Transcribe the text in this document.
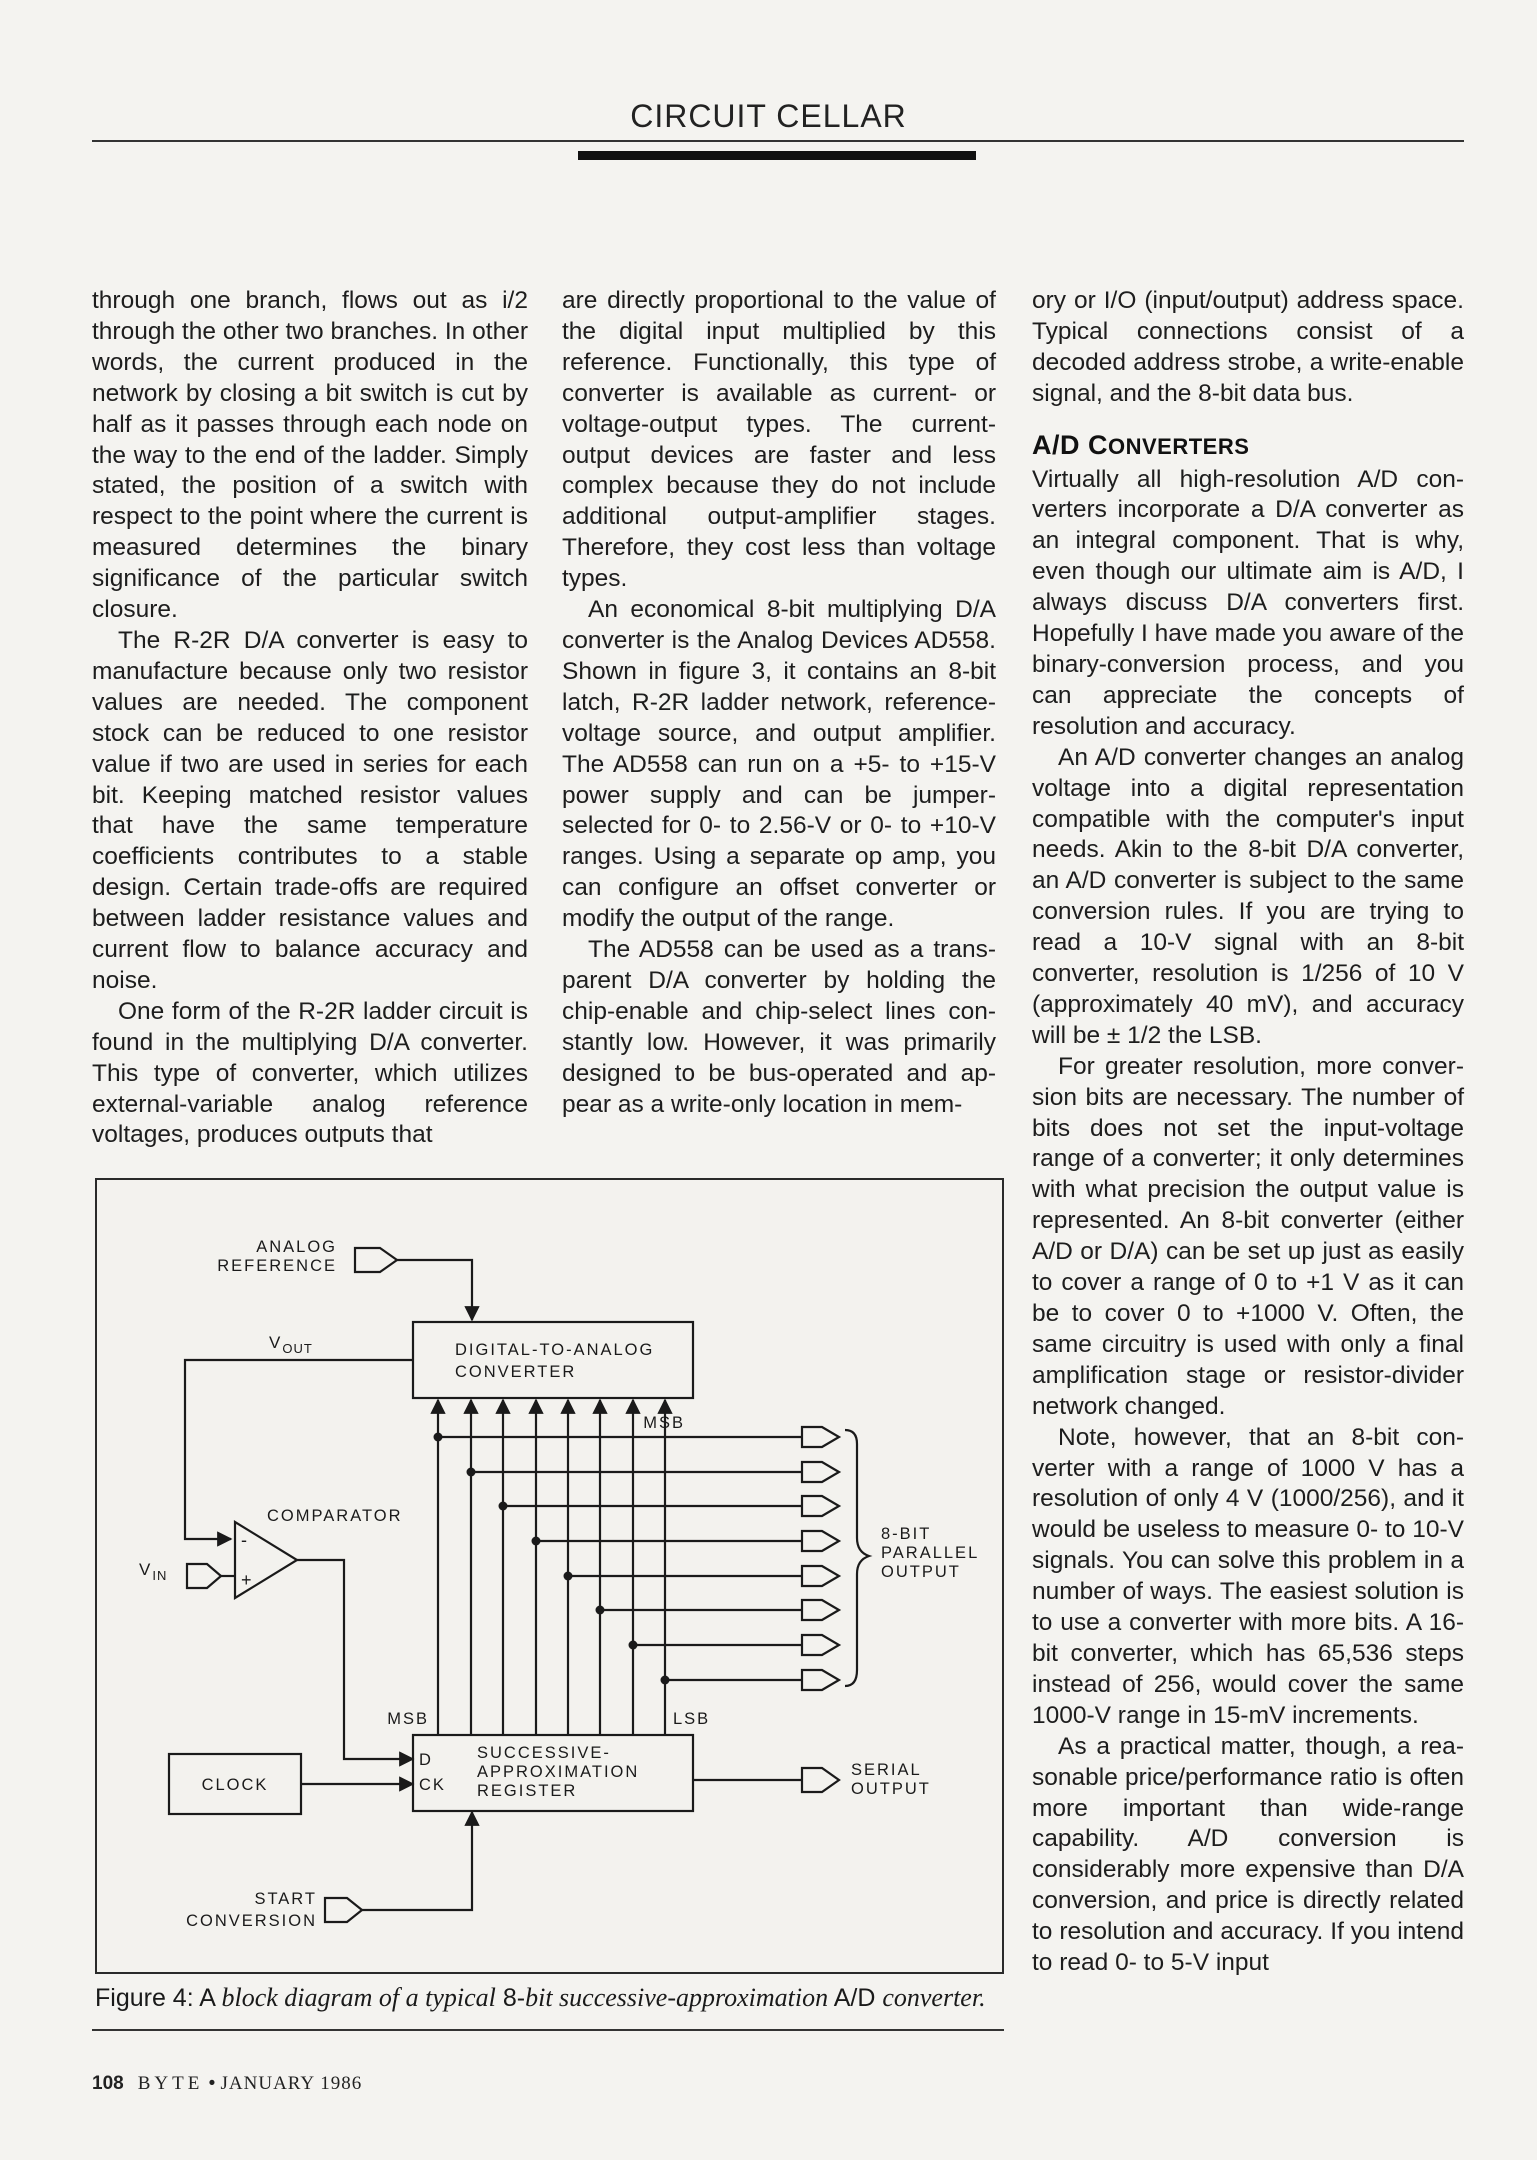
CIRCUIT CELLAR

through one branch, flows out as i/2 through the other two branches. In other words, the current produced in the network by closing a bit switch is cut by half as it passes through each node on the way to the end of the ladder. Simply stated, the position of a switch with respect to the point where the current is measured determines the binary significance of the particular switch closure.

The R-2R D/A converter is easy to manufacture because only two resistor values are needed. The component stock can be reduced to one resistor value if two are used in series for each bit. Keeping matched resistor values that have the same temperature coefficients contributes to a stable design. Certain trade-offs are required between ladder resistance values and current flow to balance accuracy and noise.

One form of the R-2R ladder circuit is found in the multiplying D/A converter. This type of converter, which utilizes external-variable analog reference voltages, produces outputs that

are directly proportional to the value of the digital input multiplied by this reference. Functionally, this type of converter is available as current- or voltage-output types. The current-output devices are faster and less complex because they do not include additional output-amplifier stages. Therefore, they cost less than voltage types.

An economical 8-bit multiplying D/A converter is the Analog Devices AD558. Shown in figure 3, it contains an 8-bit latch, R-2R ladder network, reference-voltage source, and output amplifier. The AD558 can run on a +5- to +15-V power supply and can be jumper-selected for 0- to 2.56-V or 0- to +10-V ranges. Using a separate op amp, you can configure an offset converter or modify the output of the range.

The AD558 can be used as a transparent D/A converter by holding the chip-enable and chip-select lines constantly low. However, it was primarily designed to be bus-operated and appear as a write-only location in mem-

ory or I/O (input/output) address space. Typical connections consist of a decoded address strobe, a write-enable signal, and the 8-bit data bus.

A/D CONVERTERS

Virtually all high-resolution A/D converters incorporate a D/A converter as an integral component. That is why, even though our ultimate aim is A/D, I always discuss D/A converters first. Hopefully I have made you aware of the binary-conversion process, and you can appreciate the concepts of resolution and accuracy.

An A/D converter changes an analog voltage into a digital representation compatible with the computer's input needs. Akin to the 8-bit D/A converter, an A/D converter is subject to the same conversion rules. If you are trying to read a 10-V signal with an 8-bit converter, resolution is 1/256 of 10 V (approximately 40 mV), and accuracy will be ± 1/2 the LSB.

For greater resolution, more conversion bits are necessary. The number of bits does not set the input-voltage range of a converter; it only determines with what precision the output value is represented. An 8-bit converter (either A/D or D/A) can be set up just as easily to cover a range of 0 to +1 V as it can be to cover 0 to +1000 V. Often, the same circuitry is used with only a final amplification stage or resistor-divider network changed.

Note, however, that an 8-bit converter with a range of 1000 V has a resolution of only 4 V (1000/256), and it would be useless to measure 0- to 10-V signals. You can solve this problem in a number of ways. The easiest solution is to use a converter with more bits. A 16-bit converter, which has 65,536 steps instead of 256, would cover the same 1000-V range in 15-mV increments.

As a practical matter, though, a reasonable price/performance ratio is often more important than wide-range capability. A/D conversion is considerably more expensive than D/A conversion, and price is directly related to resolution and accuracy. If you intend to read 0- to 5-V input

ANALOG
REFERENCE
DIGITAL-TO-ANALOG
CONVERTER
$V_{OUT}$
MSB
COMPARATOR
-
+
$V_{IN}$
8-BIT
PARALLEL
OUTPUT
MSB	LSB
SUCCESSIVE-
APPROXIMATION
REGISTER
D
CK
CLOCK
SERIAL
OUTPUT
START
CONVERSION
Figure 4: A block diagram of a typical 8-bit successive-approximation A/D converter.
108 BYTE • JANUARY 1986
